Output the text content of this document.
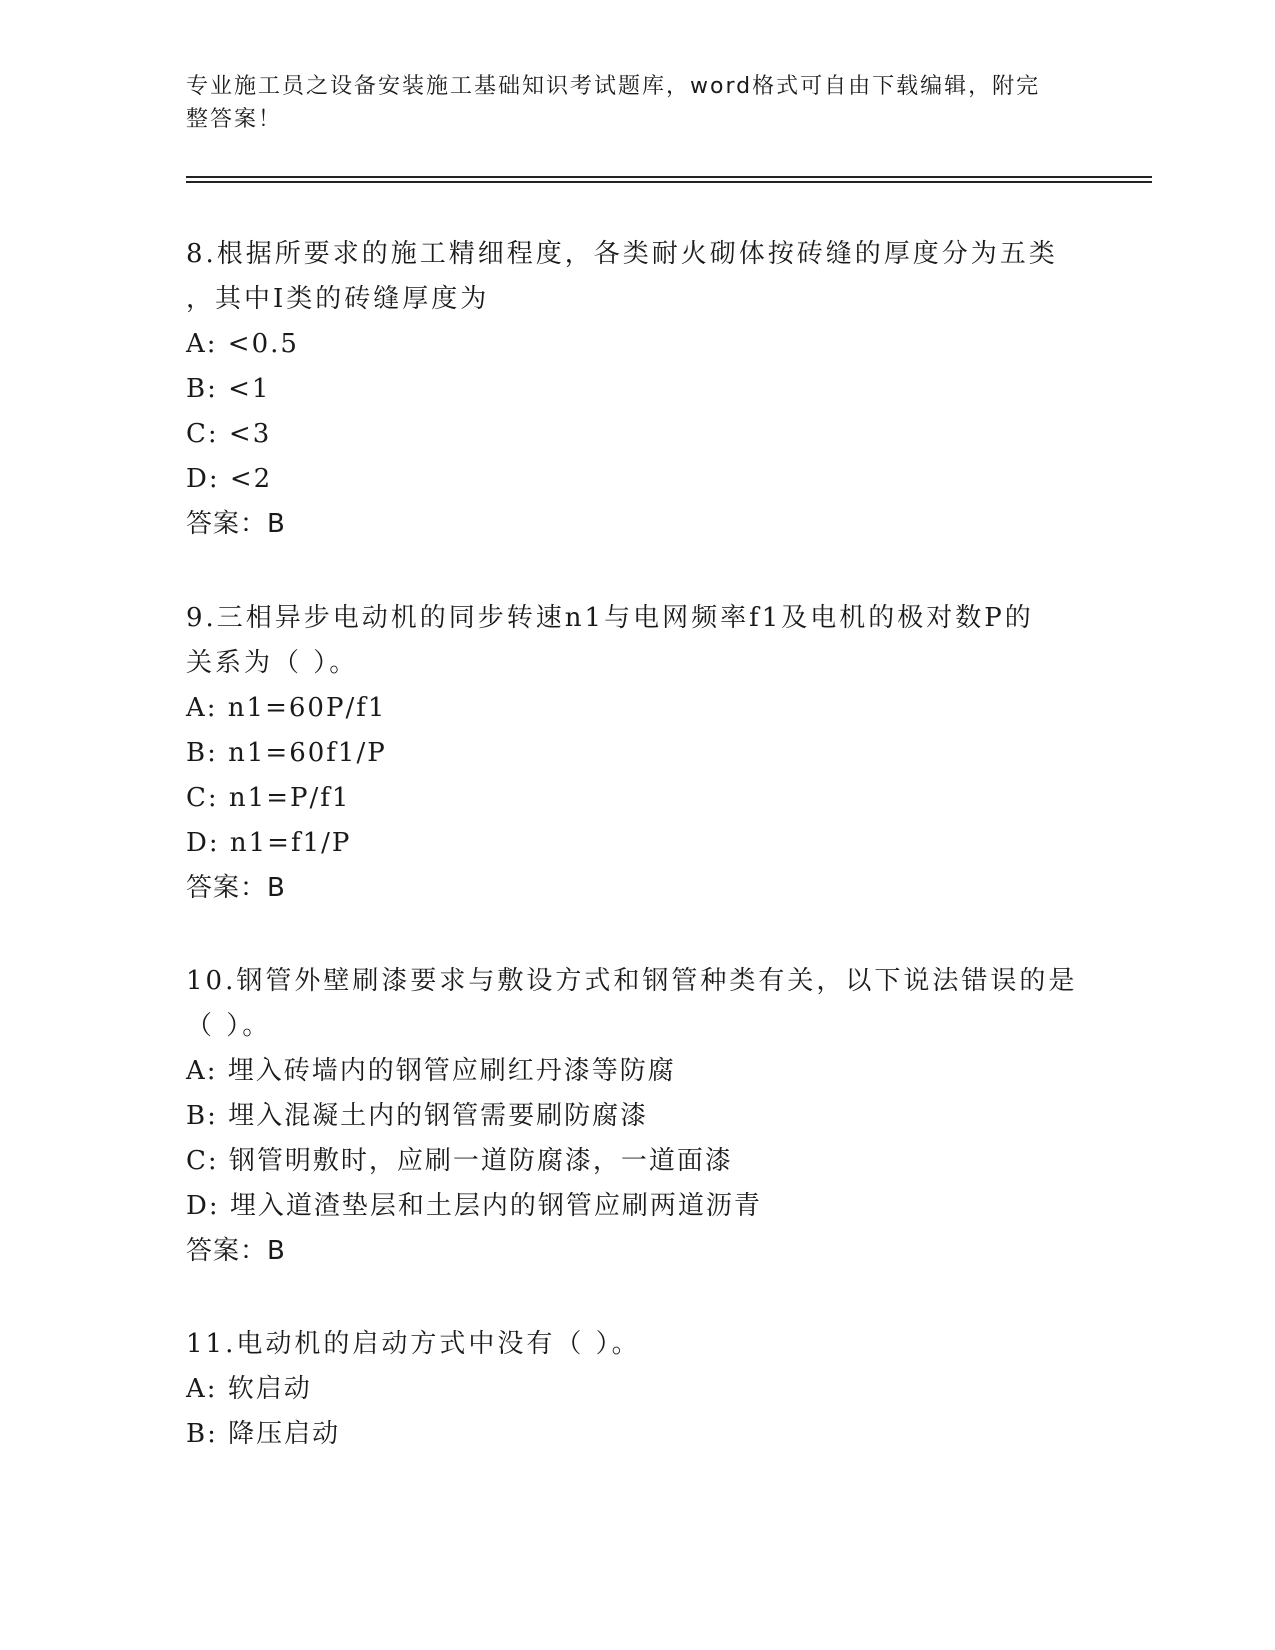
专业施工员之设备安装施工基础知识考试题库，word格式可自由下载编辑，附完
整答案！
8.根据所要求的施工精细程度，各类耐火砌体按砖缝的厚度分为五类
，其中Ⅰ类的砖缝厚度为
A: <0.5
B: <1
C: <3
D: <2
答案：B
9.三相异步电动机的同步转速n1与电网频率f1及电机的极对数P的
关系为（ ）。
A: n1=60P/f1
B: n1=60f1/P
C: n1=P/f1
D: n1=f1/P
答案：B
10.钢管外壁刷漆要求与敷设方式和钢管种类有关，以下说法错误的是
（ ）。
A: 埋入砖墙内的钢管应刷红丹漆等防腐
B: 埋入混凝土内的钢管需要刷防腐漆
C: 钢管明敷时，应刷一道防腐漆，一道面漆
D: 埋入道渣垫层和土层内的钢管应刷两道沥青
答案：B
11.电动机的启动方式中没有（ ）。
A: 软启动
B: 降压启动
